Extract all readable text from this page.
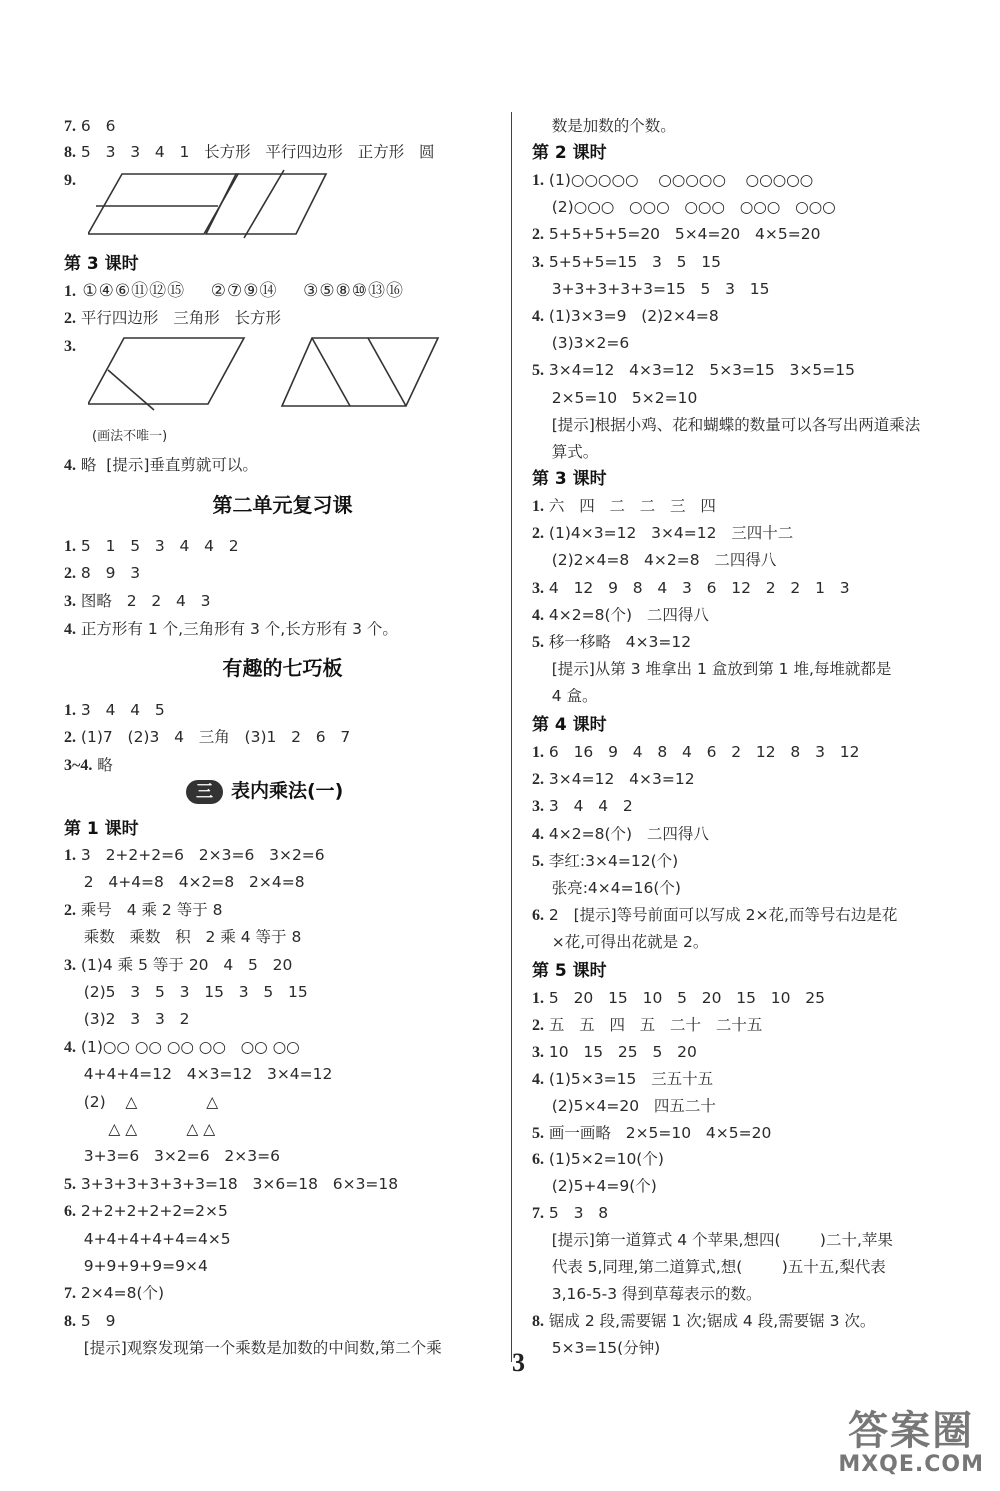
7. 6   6
8. 5   3   3   4   1   长方形   平行四边形   正方形   圆
9.
第 3 课时
1. ①④⑥⑪⑫⑮    ②⑦⑨⑭    ③⑤⑧⑩⑬⑯
2. 平行四边形   三角形   长方形
3.
(画法不唯一)
4. 略  [提示]垂直剪就可以。
第二单元复习课
1. 5   1   5   3   4   4   2
2. 8   9   3
3. 图略   2   2   4   3
4. 正方形有 1 个,三角形有 3 个,长方形有 3 个。
有趣的七巧板
1. 3   4   4   5
2. (1)7   (2)3   4   三角   (3)1   2   6   7
3~4. 略
三 表内乘法(一)
第 1 课时
1. 3   2+2+2=6   2×3=6   3×2=6
2   4+4=8   4×2=8   2×4=8
2. 乘号   4 乘 2 等于 8
乘数   乘数   积   2 乘 4 等于 8
3. (1)4 乘 5 等于 20   4   5   20
(2)5   3   5   3   15   3   5   15
(3)2   3   3   2
4. (1)○○ ○○ ○○ ○○   ○○ ○○
4+4+4=12   4×3=12   3×4=12
(2)    △              △
△ △          △ △
3+3=6   3×2=6   2×3=6
5. 3+3+3+3+3+3=18   3×6=18   6×3=18
6. 2+2+2+2+2=2×5
4+4+4+4+4=4×5
9+9+9+9=9×4
7. 2×4=8(个)
8. 5   9
[提示]观察发现第一个乘数是加数的中间数,第二个乘
数是加数的个数。
第 2 课时
1. (1)○○○○○    ○○○○○    ○○○○○
(2)○○○   ○○○   ○○○   ○○○   ○○○
2. 5+5+5+5=20   5×4=20   4×5=20
3. 5+5+5=15   3   5   15
3+3+3+3+3=15   5   3   15
4. (1)3×3=9   (2)2×4=8
(3)3×2=6
5. 3×4=12   4×3=12   5×3=15   3×5=15
2×5=10   5×2=10
[提示]根据小鸡、花和蝴蝶的数量可以各写出两道乘法
算式。
第 3 课时
1. 六   四   二   二   三   四
2. (1)4×3=12   3×4=12   三四十二
(2)2×4=8   4×2=8   二四得八
3. 4   12   9   8   4   3   6   12   2   2   1   3
4. 4×2=8(个)   二四得八
5. 移一移略   4×3=12
[提示]从第 3 堆拿出 1 盒放到第 1 堆,每堆就都是
4 盒。
第 4 课时
1. 6   16   9   4   8   4   6   2   12   8   3   12
2. 3×4=12   4×3=12
3. 3   4   4   2
4. 4×2=8(个)   二四得八
5. 李红:3×4=12(个)
张亮:4×4=16(个)
6. 2   [提示]等号前面可以写成 2×花,而等号右边是花
×花,可得出花就是 2。
第 5 课时
1. 5   20   15   10   5   20   15   10   25
2. 五   五   四   五   二十   二十五
3. 10   15   25   5   20
4. (1)5×3=15   三五十五
(2)5×4=20   四五二十
5. 画一画略   2×5=10   4×5=20
6. (1)5×2=10(个)
(2)5+4=9(个)
7. 5   3   8
[提示]第一道算式 4 个苹果,想四(        )二十,苹果
代表 5,同理,第二道算式,想(        )五十五,梨代表
3,16-5-3 得到草莓表示的数。
8. 锯成 2 段,需要锯 1 次;锯成 4 段,需要锯 3 次。
5×3=15(分钟)
3
答案圈
MXQE.COM
